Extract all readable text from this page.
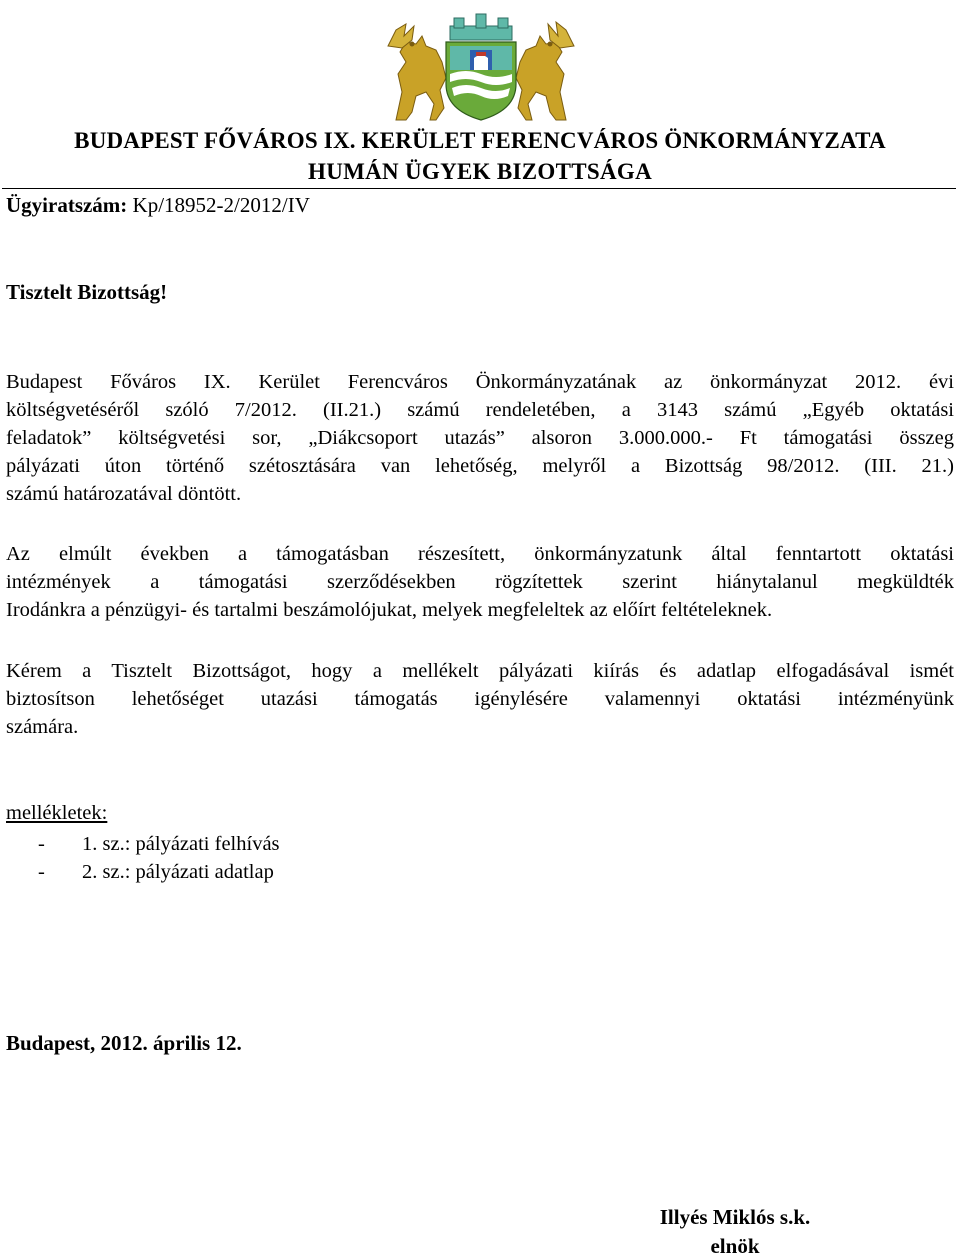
BUDAPEST FŐVÁROS IX. KERÜLET FERENCVÁROS ÖNKORMÁNYZATA
HUMÁN ÜGYEK BIZOTTSÁGA
Ügyiratszám: Kp/18952-2/2012/IV
Tisztelt Bizottság!
Budapest Főváros IX. Kerület Ferencváros Önkormányzatának az önkormányzat 2012. évi
költségvetéséről szóló 7/2012. (II.21.) számú rendeletében, a 3143 számú „Egyéb oktatási
feladatok” költségvetési sor, „Diákcsoport utazás” alsoron 3.000.000.- Ft támogatási összeg
pályázati úton történő szétosztására van lehetőség, melyről a Bizottság 98/2012. (III. 21.)
számú határozatával döntött.
Az elmúlt években a támogatásban részesített, önkormányzatunk által fenntartott oktatási
intézmények a támogatási szerződésekben rögzítettek szerint hiánytalanul megküldték
Irodánkra a pénzügyi- és tartalmi beszámolójukat, melyek megfeleltek az előírt feltételeknek.
Kérem a Tisztelt Bizottságot, hogy a mellékelt pályázati kiírás és adatlap elfogadásával ismét
biztosítson lehetőséget utazási támogatás igénylésére valamennyi oktatási intézményünk
számára.
mellékletek:
- 1. sz.: pályázati felhívás
- 2. sz.: pályázati adatlap
Budapest, 2012. április 12.
Illyés Miklós s.k.
elnök
